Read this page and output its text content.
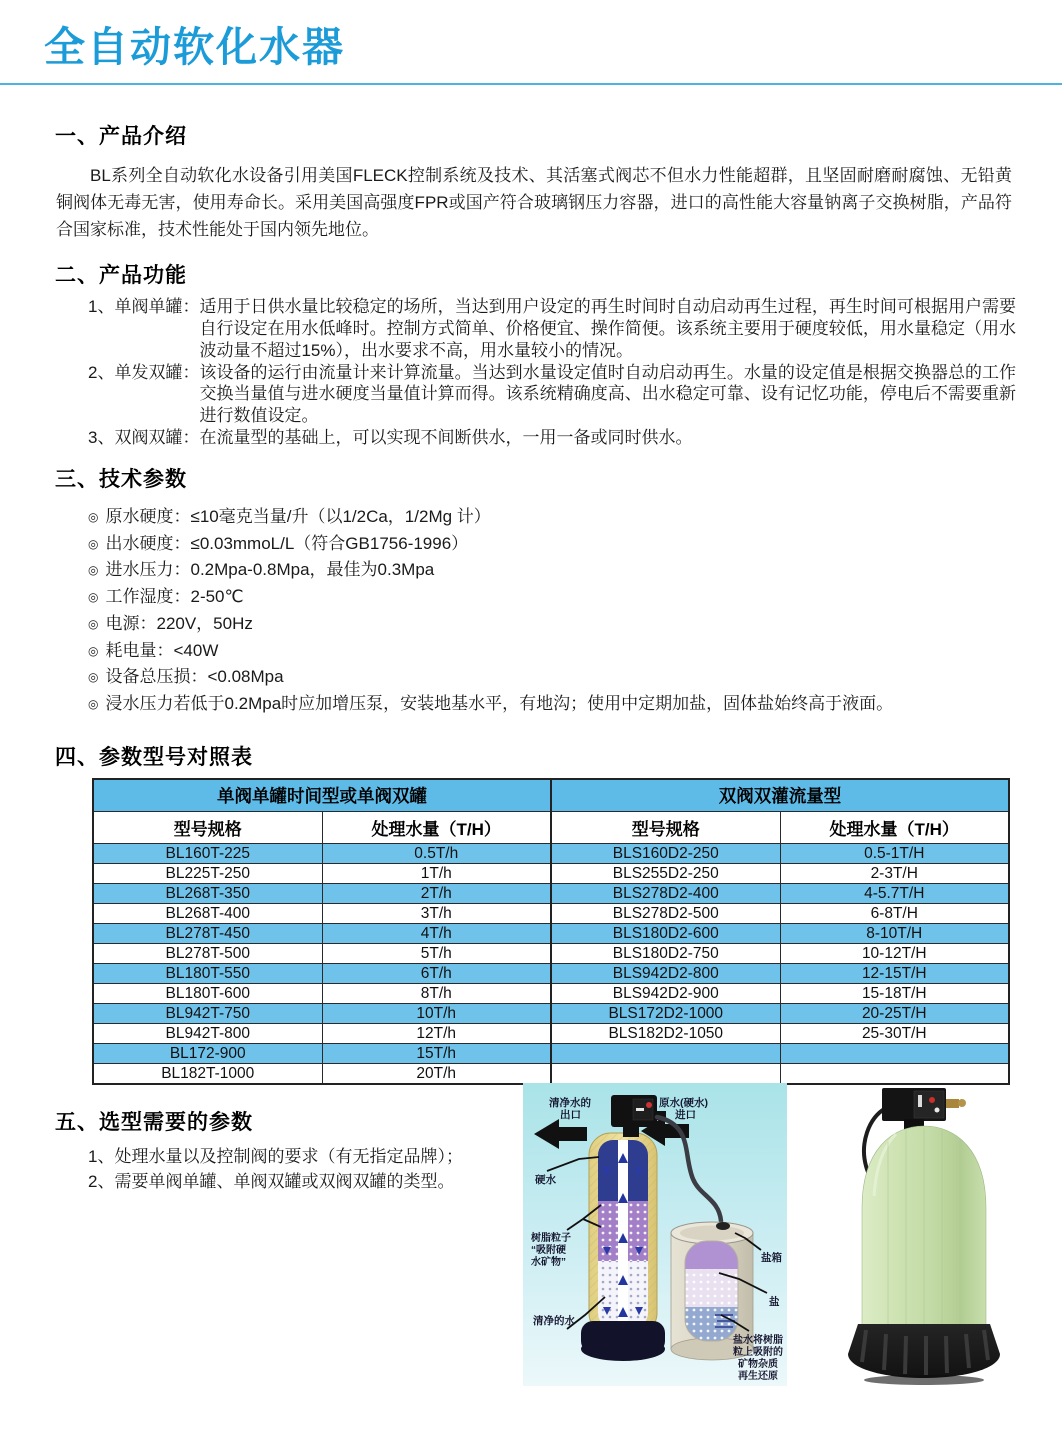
全自动软化水器
一、产品介绍

BL系列全自动软化水设备引用美国FLECK控制系统及技术、其活塞式阀芯不但水力性能超群，且坚固耐磨耐腐蚀、无铅黄铜阀体无毒无害，使用寿命长。采用美国高强度FPR或国产符合玻璃钢压力容器，进口的高性能大容量钠离子交换树脂，产品符合国家标准，技术性能处于国内领先地位。

二、产品功能
1、单阀单罐： 适用于日供水量比较稳定的场所，当达到用户设定的再生时间时自动启动再生过程，再生时间可根据用户需要自行设定在用水低峰时。控制方式简单、价格便宜、操作简便。该系统主要用于硬度较低，用水量稳定（用水波动量不超过15%），出水要求不高，用水量较小的情况。

2、单发双罐： 该设备的运行由流量计来计算流量。当达到水量设定值时自动启动再生。水量的设定值是根据交换器总的工作交换当量值与进水硬度当量值计算而得。该系统精确度高、出水稳定可靠、设有记忆功能，停电后不需要重新进行数值设定。

3、双阀双罐： 在流量型的基础上，可以实现不间断供水，一用一备或同时供水。

三、技术参数
◎ 原水硬度：≤10毫克当量/升（以1/2Ca，1/2Mg 计）
◎ 出水硬度：≤0.03mmoL/L（符合GB1756-1996）
◎ 进水压力：0.2Mpa-0.8Mpa，最佳为0.3Mpa
◎ 工作湿度：2-50℃
◎ 电源：220V，50Hz
◎ 耗电量：<40W
◎ 设备总压损：<0.08Mpa
◎ 浸水压力若低于0.2Mpa时应加增压泵，安装地基水平，有地沟；使用中定期加盐，固体盐始终高于液面。
四、参数型号对照表
单阀单罐时间型或单阀双罐		双阀双灌流量型	
型号规格	处理水量（T/H）	型号规格	处理水量（T/H）
BL160T-225	0.5T/h	BLS160D2-250	0.5-1T/H
BL225T-250	1T/h	BLS255D2-250	2-3T/H
BL268T-350	2T/h	BLS278D2-400	4-5.7T/H
BL268T-400	3T/h	BLS278D2-500	6-8T/H
BL278T-450	4T/h	BLS180D2-600	8-10T/H
BL278T-500	5T/h	BLS180D2-750	10-12T/H
BL180T-550	6T/h	BLS942D2-800	12-15T/H
BL180T-600	8T/h	BLS942D2-900	15-18T/H
BL942T-750	10T/h	BLS172D2-1000	20-25T/H
BL942T-800	12T/h	BLS182D2-1050	25-30T/H
BL172-900	15T/h		
BL182T-1000	20T/h		
五、选型需要的参数

1、处理水量以及控制阀的要求（有无指定品牌）；

2、需要单阀单罐、单阀双罐或双阀双罐的类型。

清净水的
出口
原水(硬水)
进口
硬水
树脂粒子
“吸附硬
水矿物”
清净的水
盐箱
盐
盐水将树脂
粒上吸附的
矿物杂质
再生还原
